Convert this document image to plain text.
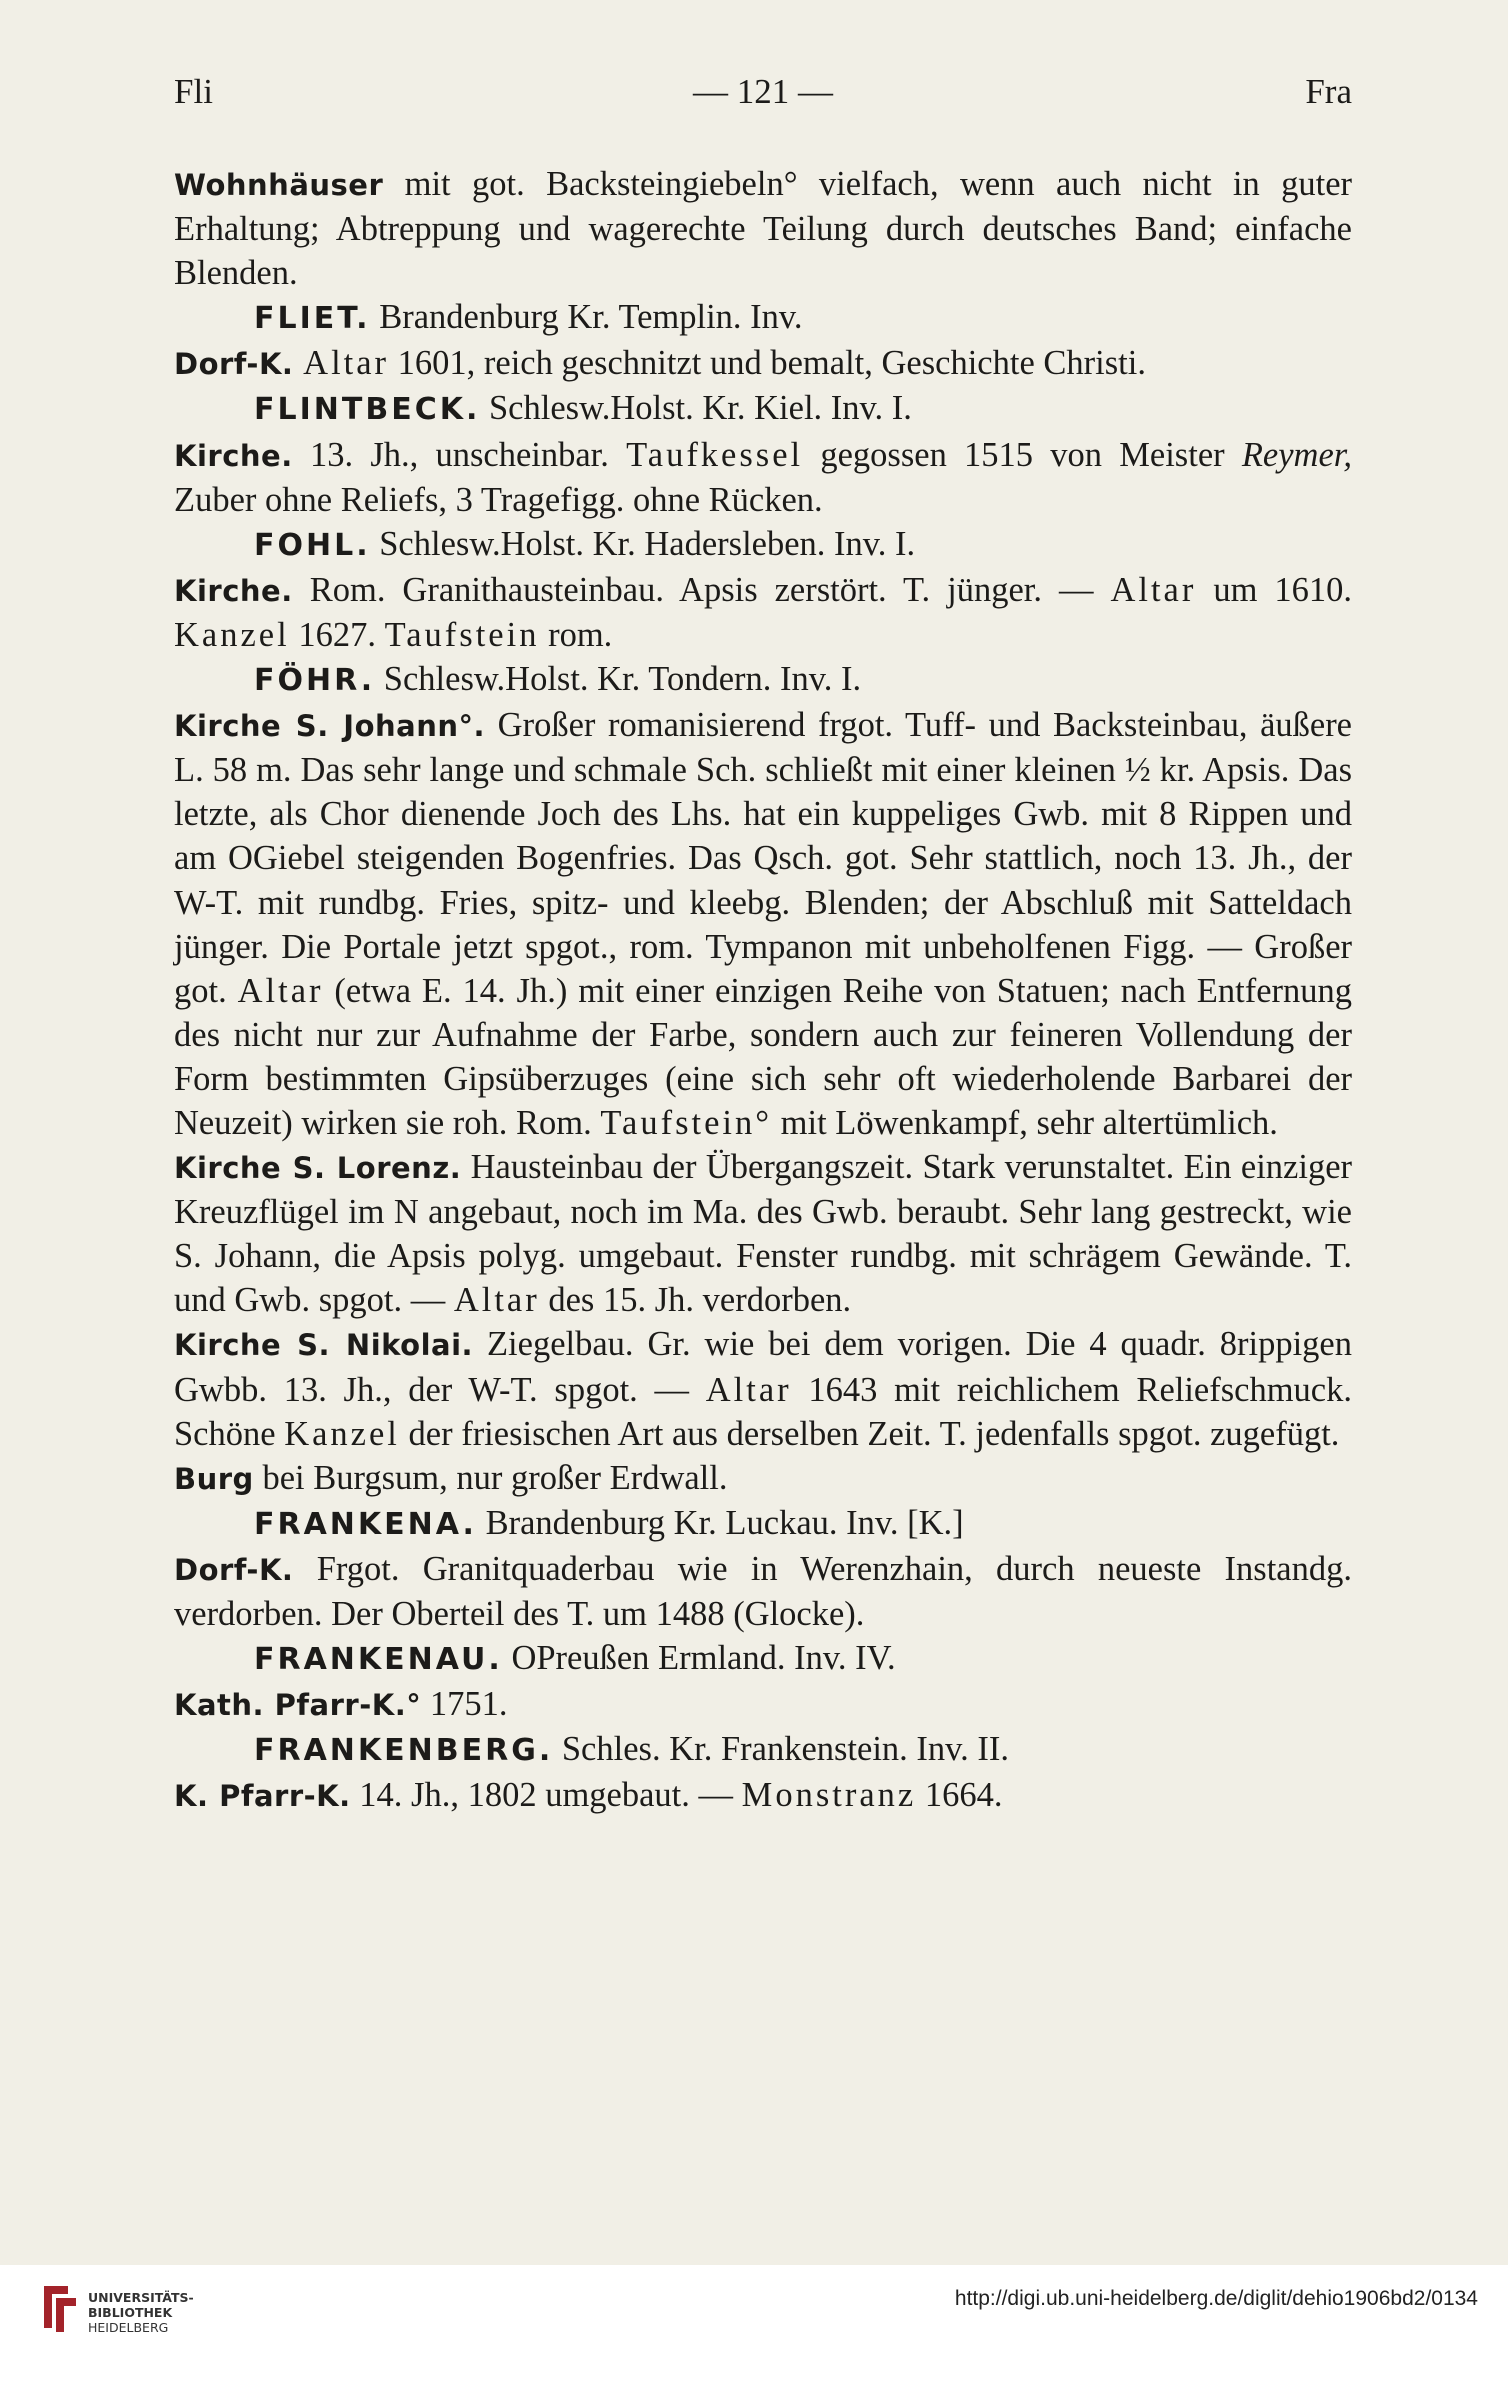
Fli	— 121 —	Fra

Wohnhäuser mit got. Backsteingiebeln° vielfach, wenn auch nicht in guter Erhaltung; Abtreppung und wagerechte Teilung durch deutsches Band; einfache Blenden.

FLIET. Brandenburg Kr. Templin. Inv.

Dorf-K. Altar 1601, reich geschnitzt und bemalt, Geschichte Christi.

FLINTBECK. Schlesw.Holst. Kr. Kiel. Inv. I.

Kirche. 13. Jh., unscheinbar. Taufkessel gegossen 1515 von Meister Reymer, Zuber ohne Reliefs, 3 Tragefigg. ohne Rücken.

FOHL. Schlesw.Holst. Kr. Hadersleben. Inv. I.

Kirche. Rom. Granithausteinbau. Apsis zerstört. T. jünger. — Altar um 1610. Kanzel 1627. Taufstein rom.

FÖHR. Schlesw.Holst. Kr. Tondern. Inv. I.

Kirche S. Johann°. Großer romanisierend frgot. Tuff- und Backsteinbau, äußere L. 58 m. Das sehr lange und schmale Sch. schließt mit einer kleinen ½ kr. Apsis. Das letzte, als Chor dienende Joch des Lhs. hat ein kuppeliges Gwb. mit 8 Rippen und am OGiebel steigenden Bogenfries. Das Qsch. got. Sehr stattlich, noch 13. Jh., der W-T. mit rundbg. Fries, spitz- und kleebg. Blenden; der Abschluß mit Satteldach jünger. Die Portale jetzt spgot., rom. Tympanon mit unbeholfenen Figg. — Großer got. Altar (etwa E. 14. Jh.) mit einer einzigen Reihe von Statuen; nach Entfernung des nicht nur zur Aufnahme der Farbe, sondern auch zur feineren Vollendung der Form bestimmten Gipsüberzuges (eine sich sehr oft wiederholende Barbarei der Neuzeit) wirken sie roh. Rom. Taufstein° mit Löwenkampf, sehr altertümlich.

Kirche S. Lorenz. Hausteinbau der Übergangszeit. Stark verunstaltet. Ein einziger Kreuzflügel im N angebaut, noch im Ma. des Gwb. beraubt. Sehr lang gestreckt, wie S. Johann, die Apsis polyg. umgebaut. Fenster rundbg. mit schrägem Gewände. T. und Gwb. spgot. — Altar des 15. Jh. verdorben.

Kirche S. Nikolai. Ziegelbau. Gr. wie bei dem vorigen. Die 4 quadr. 8rippigen Gwbb. 13. Jh., der W-T. spgot. — Altar 1643 mit reichlichem Reliefschmuck. Schöne Kanzel der friesischen Art aus derselben Zeit. T. jedenfalls spgot. zugefügt.

Burg bei Burgsum, nur großer Erdwall.

FRANKENA. Brandenburg Kr. Luckau. Inv. [K.]

Dorf-K. Frgot. Granitquaderbau wie in Werenzhain, durch neueste Instandg. verdorben. Der Oberteil des T. um 1488 (Glocke).

FRANKENAU. OPreußen Ermland. Inv. IV.

Kath. Pfarr-K.° 1751.

FRANKENBERG. Schles. Kr. Frankenstein. Inv. II.

K. Pfarr-K. 14. Jh., 1802 umgebaut. — Monstranz 1664.

UNIVERSITÄTS-
BIBLIOTHEK
HEIDELBERG
http://digi.ub.uni-heidelberg.de/diglit/dehio1906bd2/0134
